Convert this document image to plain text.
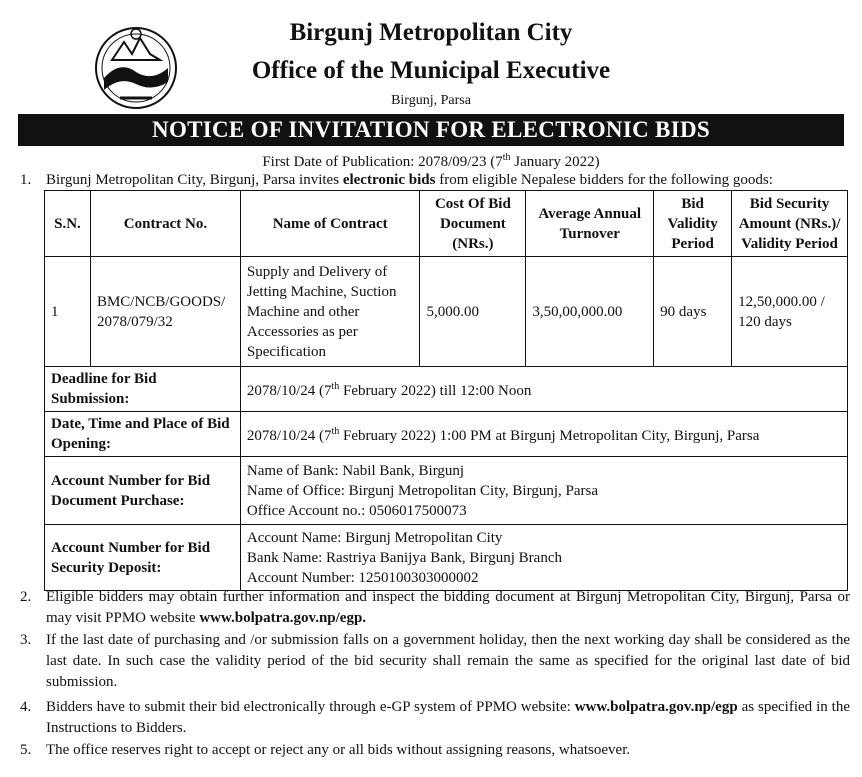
Birgunj Metropolitan City
Office of the Municipal Executive
Birgunj, Parsa
NOTICE OF INVITATION FOR ELECTRONIC BIDS
First Date of Publication: 2078/09/23 (7th January 2022)
1. Birgunj Metropolitan City, Birgunj, Parsa invites electronic bids from eligible Nepalese bidders for the following goods:
S.N.	Contract No.	Name of Contract	Cost Of Bid Document (NRs.)	Average Annual Turnover	Bid Validity Period	Bid Security Amount (NRs.)/ Validity Period
1	BMC/NCB/GOODS/ 2078/079/32	Supply and Delivery of Jetting Machine, Suction Machine and other Accessories as per Specification	5,000.00	3,50,00,000.00	90 days	12,50,000.00 / 120 days
Deadline for Bid Submission:		2078/10/24 (7th February 2022) till 12:00 Noon				
Date, Time and Place of Bid Opening:		2078/10/24 (7th February 2022) 1:00 PM at Birgunj Metropolitan City, Birgunj, Parsa				
Account Number for Bid Document Purchase:		Name of Bank: Nabil Bank, Birgunj
Name of Office: Birgunj Metropolitan City, Birgunj, Parsa
Office Account no.: 0506017500073				

Account Number for Bid Security Deposit:		Account Name: Birgunj Metropolitan City
Bank Name: Rastriya Banijya Bank, Birgunj Branch
Account Number: 1250100303000002				
2. Eligible bidders may obtain further information and inspect the bidding document at Birgunj Metropolitan City, Birgunj, Parsa or may visit PPMO website www.bolpatra.gov.np/egp.
3. If the last date of purchasing and /or submission falls on a government holiday, then the next working day shall be considered as the last date. In such case the validity period of the bid security shall remain the same as specified for the original last date of bid submission.
4. Bidders have to submit their bid electronically through e-GP system of PPMO website: www.bolpatra.gov.np/egp as specified in the Instructions to Bidders.
5. The office reserves right to accept or reject any or all bids without assigning reasons, whatsoever.
